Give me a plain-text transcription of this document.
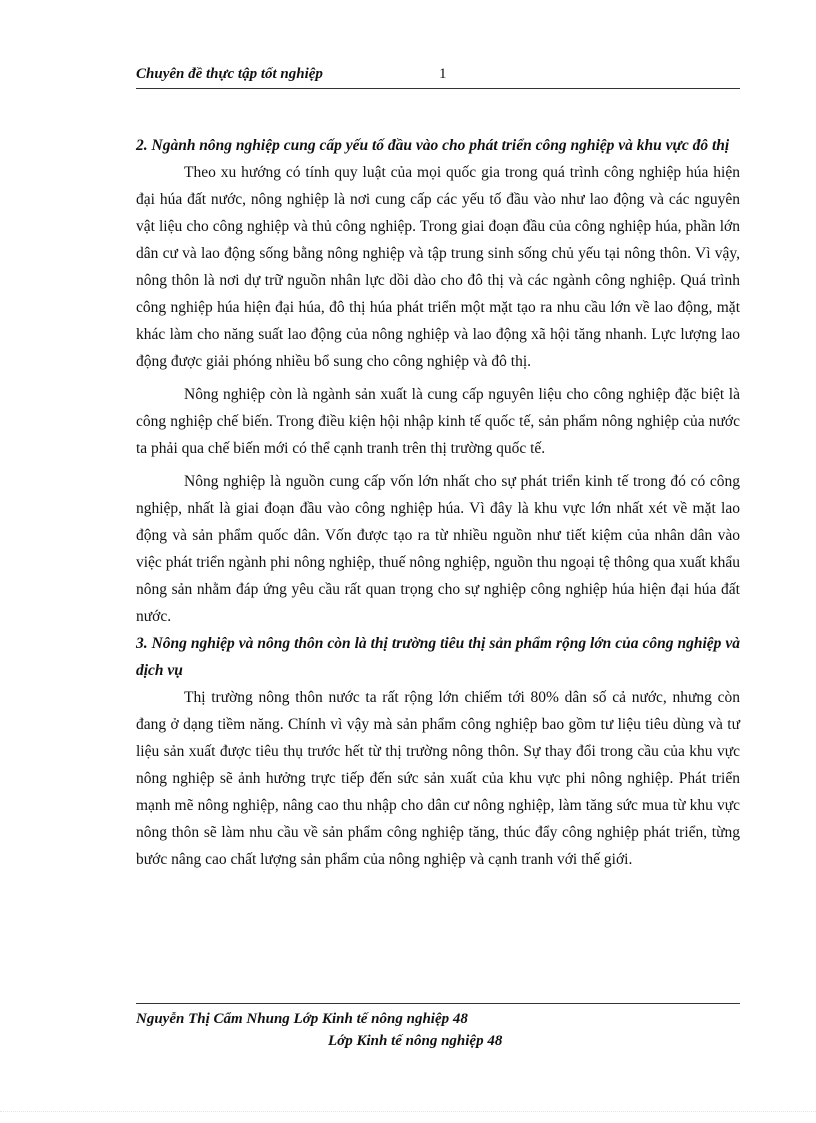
Chuyên đề thực tập tốt nghiệp	1

2. Ngành nông nghiệp cung cấp yếu tố đầu vào cho phát triển công nghiệp và khu vực đô thị

Theo xu hướng có tính quy luật của mọi quốc gia trong quá trình công nghiệp húa hiện đại húa đất nước, nông nghiệp là nơi cung cấp các yếu tố đầu vào như lao động và các nguyên vật liệu cho công nghiệp và thủ công nghiệp. Trong giai đoạn đầu của công nghiệp húa, phần lớn dân cư và lao động sống bằng nông nghiệp và tập trung sinh sống chủ yếu tại nông thôn. Vì vậy, nông thôn là nơi dự trữ nguồn nhân lực dồi dào cho đô thị và các ngành công nghiệp. Quá trình công nghiệp húa hiện đại húa, đô thị húa phát triển một mặt tạo ra nhu cầu lớn về lao động, mặt khác làm cho năng suất lao động của nông nghiệp và lao động xã hội tăng nhanh. Lực lượng lao động được giải phóng nhiều bổ sung cho công nghiệp và đô thị.

Nông nghiệp còn là ngành sản xuất là cung cấp nguyên liệu cho công nghiệp đặc biệt là công nghiệp chế biến. Trong điều kiện hội nhập kinh tế quốc tế, sản phẩm nông nghiệp của nước ta phải qua chế biến mới có thể cạnh tranh trên thị trường quốc tế.

Nông nghiệp là nguồn cung cấp vốn lớn nhất cho sự phát triển kinh tế trong đó có công nghiệp, nhất là giai đoạn đầu vào công nghiệp húa. Vì đây là khu vực lớn nhất xét về mặt lao động và sản phẩm quốc dân. Vốn được tạo ra từ nhiều nguồn như tiết kiệm của nhân dân vào việc phát triển ngành phi nông nghiệp, thuế nông nghiệp, nguồn thu ngoại tệ thông qua xuất khẩu nông sản nhằm đáp ứng yêu cầu rất quan trọng cho sự nghiệp công nghiệp húa hiện đại húa đất nước.

3. Nông nghiệp và nông thôn còn là thị trường tiêu thị sản phẩm rộng lớn của công nghiệp và dịch vụ

Thị trường nông thôn nước ta rất rộng lớn chiếm tới 80% dân số cả nước, nhưng còn đang ở dạng tiềm năng. Chính vì vậy mà sản phẩm công nghiệp bao gồm tư liệu tiêu dùng và tư liệu sản xuất được tiêu thụ trước hết từ thị trường nông thôn. Sự thay đổi trong cầu của khu vực nông nghiệp sẽ ảnh hưởng trực tiếp đến sức sản xuất của khu vực phi nông nghiệp. Phát triển mạnh mẽ nông nghiệp, nâng cao thu nhập cho dân cư nông nghiệp, làm tăng sức mua từ khu vực nông thôn sẽ làm nhu cầu về sản phẩm công nghiệp tăng, thúc đẩy công nghiệp phát triển, từng bước nâng cao chất lượng sản phẩm của nông nghiệp và cạnh tranh với thế giới.

Nguyễn Thị Cẩm Nhung Lớp Kinh tế nông nghiệp 48
Lớp Kinh tế nông nghiệp 48
